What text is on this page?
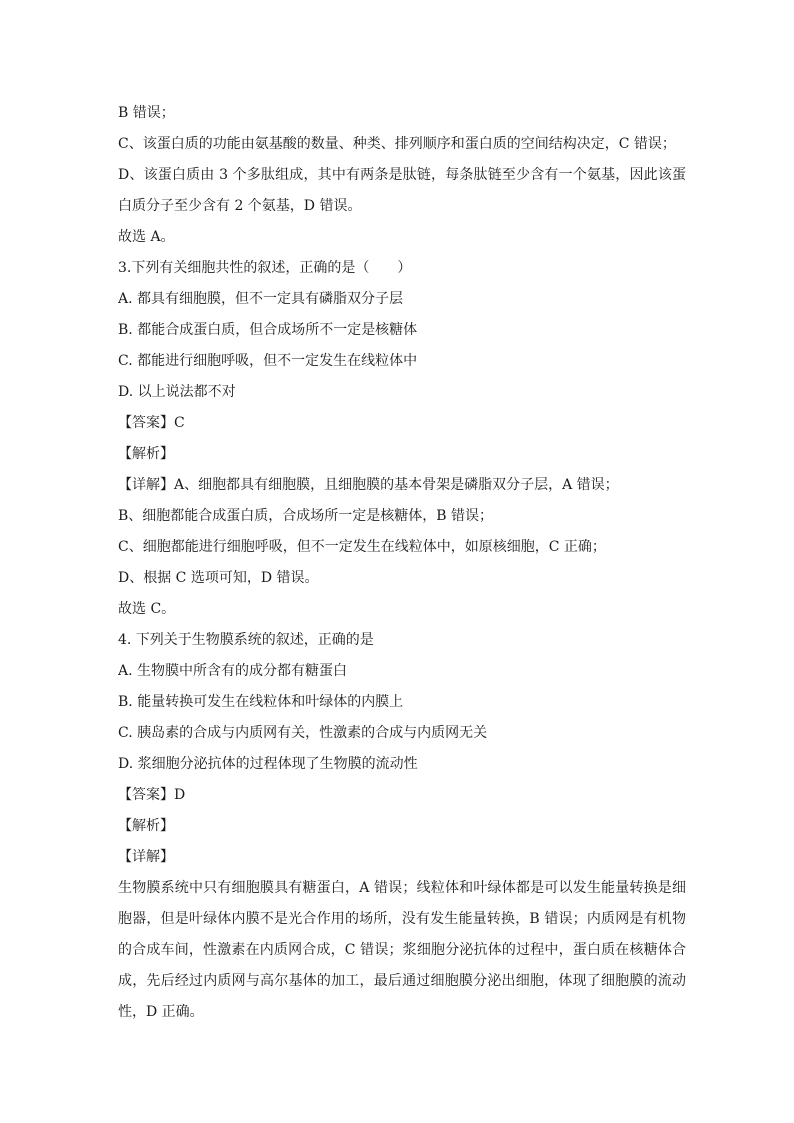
B 错误；
C、该蛋白质的功能由氨基酸的数量、种类、排列顺序和蛋白质的空间结构决定，C 错误；
D、该蛋白质由 3 个多肽组成，其中有两条是肽链，每条肽链至少含有一个氨基，因此该蛋白质分子至少含有 2 个氨基，D 错误。
故选 A。
3.下列有关细胞共性的叙述，正确的是（　　）
A. 都具有细胞膜，但不一定具有磷脂双分子层
B. 都能合成蛋白质，但合成场所不一定是核糖体
C. 都能进行细胞呼吸，但不一定发生在线粒体中
D. 以上说法都不对
【答案】C
【解析】
【详解】A、细胞都具有细胞膜，且细胞膜的基本骨架是磷脂双分子层，A 错误；
B、细胞都能合成蛋白质，合成场所一定是核糖体，B 错误；
C、细胞都能进行细胞呼吸，但不一定发生在线粒体中，如原核细胞，C 正确；
D、根据 C 选项可知，D 错误。
故选 C。
4. 下列关于生物膜系统的叙述，正确的是
A. 生物膜中所含有的成分都有糖蛋白
B. 能量转换可发生在线粒体和叶绿体的内膜上
C. 胰岛素的合成与内质网有关，性激素的合成与内质网无关
D. 浆细胞分泌抗体的过程体现了生物膜的流动性
【答案】D
【解析】
【详解】
生物膜系统中只有细胞膜具有糖蛋白，A 错误；线粒体和叶绿体都是可以发生能量转换是细胞器，但是叶绿体内膜不是光合作用的场所，没有发生能量转换，B 错误；内质网是有机物的合成车间，性激素在内质网合成，C 错误；浆细胞分泌抗体的过程中，蛋白质在核糖体合成，先后经过内质网与高尔基体的加工，最后通过细胞膜分泌出细胞，体现了细胞膜的流动性，D 正确。
